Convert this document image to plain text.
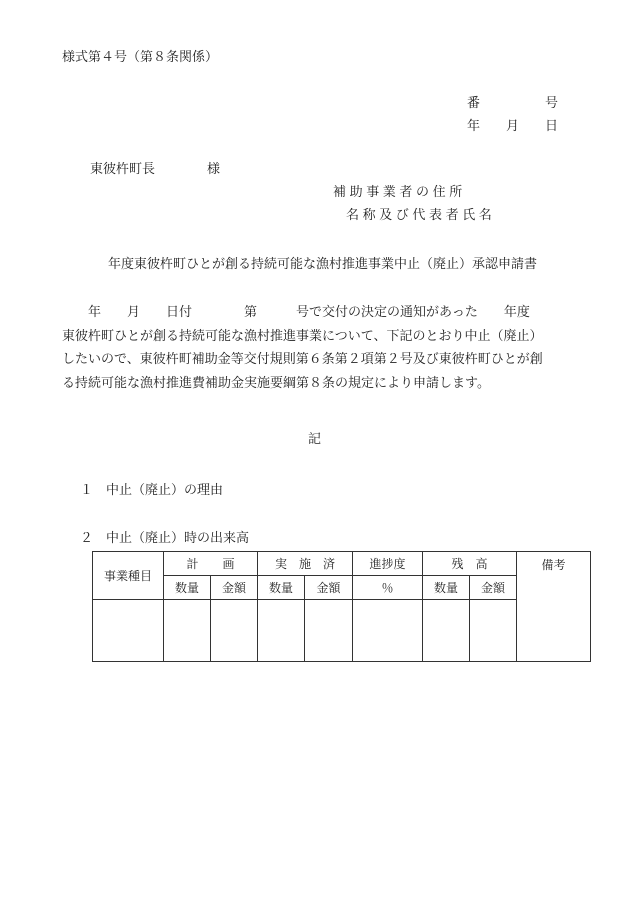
様式第４号（第８条関係）
番　　　　　号
年　　月　　日
東彼杵町長　　　　様
補助事業者の住所
名称及び代表者氏名
年度東彼杵町ひとが創る持続可能な漁村推進事業中止（廃止）承認申請書
　　年　　月　　日付　　　　第　　　号で交付の決定の通知があった　　年度
東彼杵町ひとが創る持続可能な漁村推進事業について、下記のとおり中止（廃止）
したいので、東彼杵町補助金等交付規則第６条第２項第２号及び東彼杵町ひとが創
る持続可能な漁村推進費補助金実施要綱第８条の規定により申請します。
記
１　中止（廃止）の理由
２　中止（廃止）時の出来高
事業種目	計　　画		実　施　済		進捗度	残　高		備考
	数量	金額	数量	金額	％	数量	金額	
